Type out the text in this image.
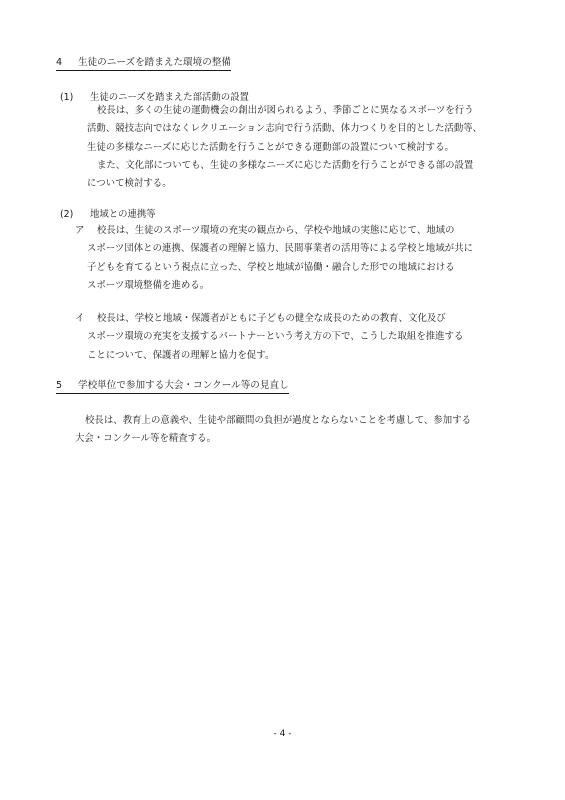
4 生徒のニーズを踏まえた環境の整備
(1) 生徒のニーズを踏まえた部活動の設置
校長は、多くの生徒の運動機会の創出が図られるよう、季節ごとに異なるスポーツを行う
活動、競技志向ではなくレクリエーション志向で行う活動、体力つくりを目的とした活動等、
生徒の多様なニーズに応じた活動を行うことができる運動部の設置について検討する。
また、文化部についても、生徒の多様なニーズに応じた活動を行うことができる部の設置
について検討する。
(2) 地域との連携等
ア	校長は、生徒のスポーツ環境の充実の観点から、学校や地域の実態に応じて、地域の
スポーツ団体との連携、保護者の理解と協力、民間事業者の活用等による学校と地域が共に
子どもを育てるという視点に立った、学校と地域が協働・融合した形での地域における
スポーツ環境整備を進める。
イ	校長は、学校と地域・保護者がともに子どもの健全な成長のための教育、文化及び
スポーツ環境の充実を支援するパートナーという考え方の下で、こうした取組を推進する
ことについて、保護者の理解と協力を促す。
5 学校単位で参加する大会・コンクール等の見直し
校長は、教育上の意義や、生徒や部顧問の負担が過度とならないことを考慮して、参加する
大会・コンクール等を精査する。
- 4 -
